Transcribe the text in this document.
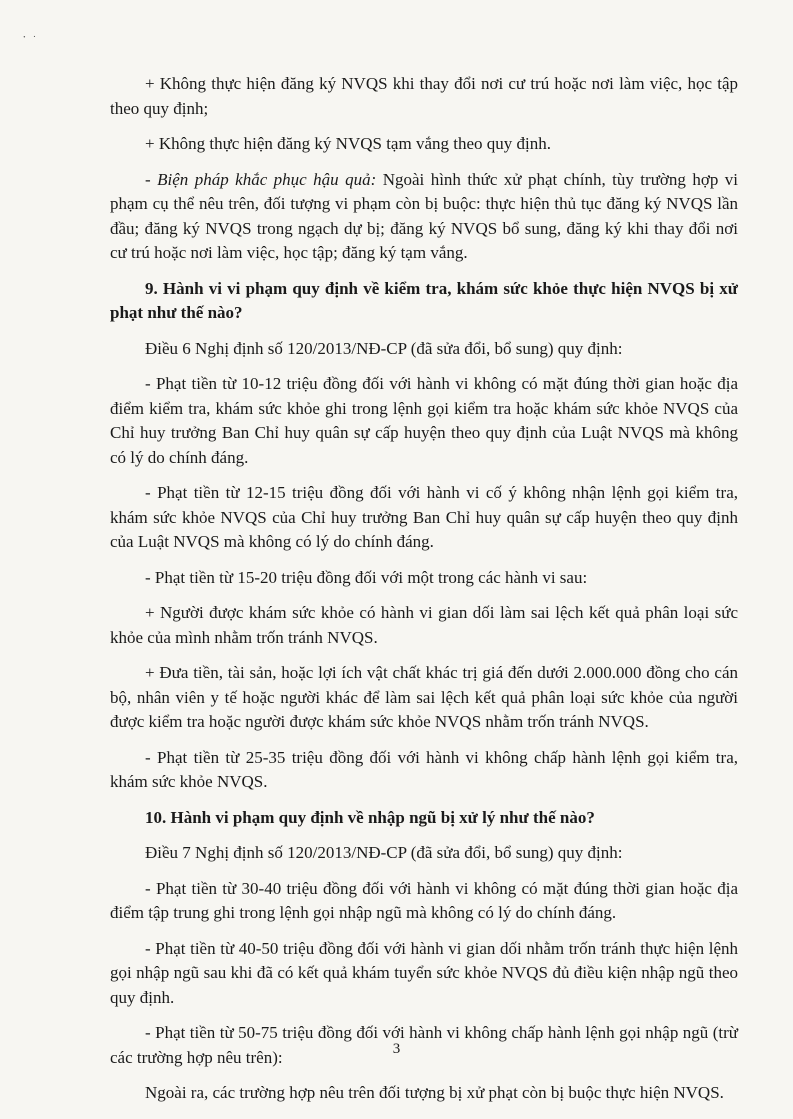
˙ ͘

+ Không thực hiện đăng ký NVQS khi thay đổi nơi cư trú hoặc nơi làm việc, học tập theo quy định;

+ Không thực hiện đăng ký NVQS tạm vắng theo quy định.

- Biện pháp khắc phục hậu quả: Ngoài hình thức xử phạt chính, tùy trường hợp vi phạm cụ thể nêu trên, đối tượng vi phạm còn bị buộc: thực hiện thủ tục đăng ký NVQS lần đầu; đăng ký NVQS trong ngạch dự bị; đăng ký NVQS bổ sung, đăng ký khi thay đổi nơi cư trú hoặc nơi làm việc, học tập; đăng ký tạm vắng.

9. Hành vi vi phạm quy định về kiểm tra, khám sức khỏe thực hiện NVQS bị xử phạt như thế nào?

Điều 6 Nghị định số 120/2013/NĐ-CP (đã sửa đổi, bổ sung) quy định:

- Phạt tiền từ 10-12 triệu đồng đối với hành vi không có mặt đúng thời gian hoặc địa điểm kiểm tra, khám sức khỏe ghi trong lệnh gọi kiểm tra hoặc khám sức khỏe NVQS của Chỉ huy trưởng Ban Chỉ huy quân sự cấp huyện theo quy định của Luật NVQS mà không có lý do chính đáng.

- Phạt tiền từ 12-15 triệu đồng đối với hành vi cố ý không nhận lệnh gọi kiểm tra, khám sức khỏe NVQS của Chỉ huy trưởng Ban Chỉ huy quân sự cấp huyện theo quy định của Luật NVQS mà không có lý do chính đáng.

- Phạt tiền từ 15-20 triệu đồng đối với một trong các hành vi sau:

+ Người được khám sức khỏe có hành vi gian dối làm sai lệch kết quả phân loại sức khỏe của mình nhằm trốn tránh NVQS.

+ Đưa tiền, tài sản, hoặc lợi ích vật chất khác trị giá đến dưới 2.000.000 đồng cho cán bộ, nhân viên y tế hoặc người khác để làm sai lệch kết quả phân loại sức khỏe của người được kiểm tra hoặc người được khám sức khỏe NVQS nhằm trốn tránh NVQS.

- Phạt tiền từ 25-35 triệu đồng đối với hành vi không chấp hành lệnh gọi kiểm tra, khám sức khỏe NVQS.

10. Hành vi phạm quy định về nhập ngũ bị xử lý như thế nào?

Điều 7 Nghị định số 120/2013/NĐ-CP (đã sửa đổi, bổ sung) quy định:

- Phạt tiền từ 30-40 triệu đồng đối với hành vi không có mặt đúng thời gian hoặc địa điểm tập trung ghi trong lệnh gọi nhập ngũ mà không có lý do chính đáng.

- Phạt tiền từ 40-50 triệu đồng đối với hành vi gian dối nhằm trốn tránh thực hiện lệnh gọi nhập ngũ sau khi đã có kết quả khám tuyển sức khỏe NVQS đủ điều kiện nhập ngũ theo quy định.

- Phạt tiền từ 50-75 triệu đồng đối với hành vi không chấp hành lệnh gọi nhập ngũ (trừ các trường hợp nêu trên):

Ngoài ra, các trường hợp nêu trên đối tượng bị xử phạt còn bị buộc thực hiện NVQS.

3
